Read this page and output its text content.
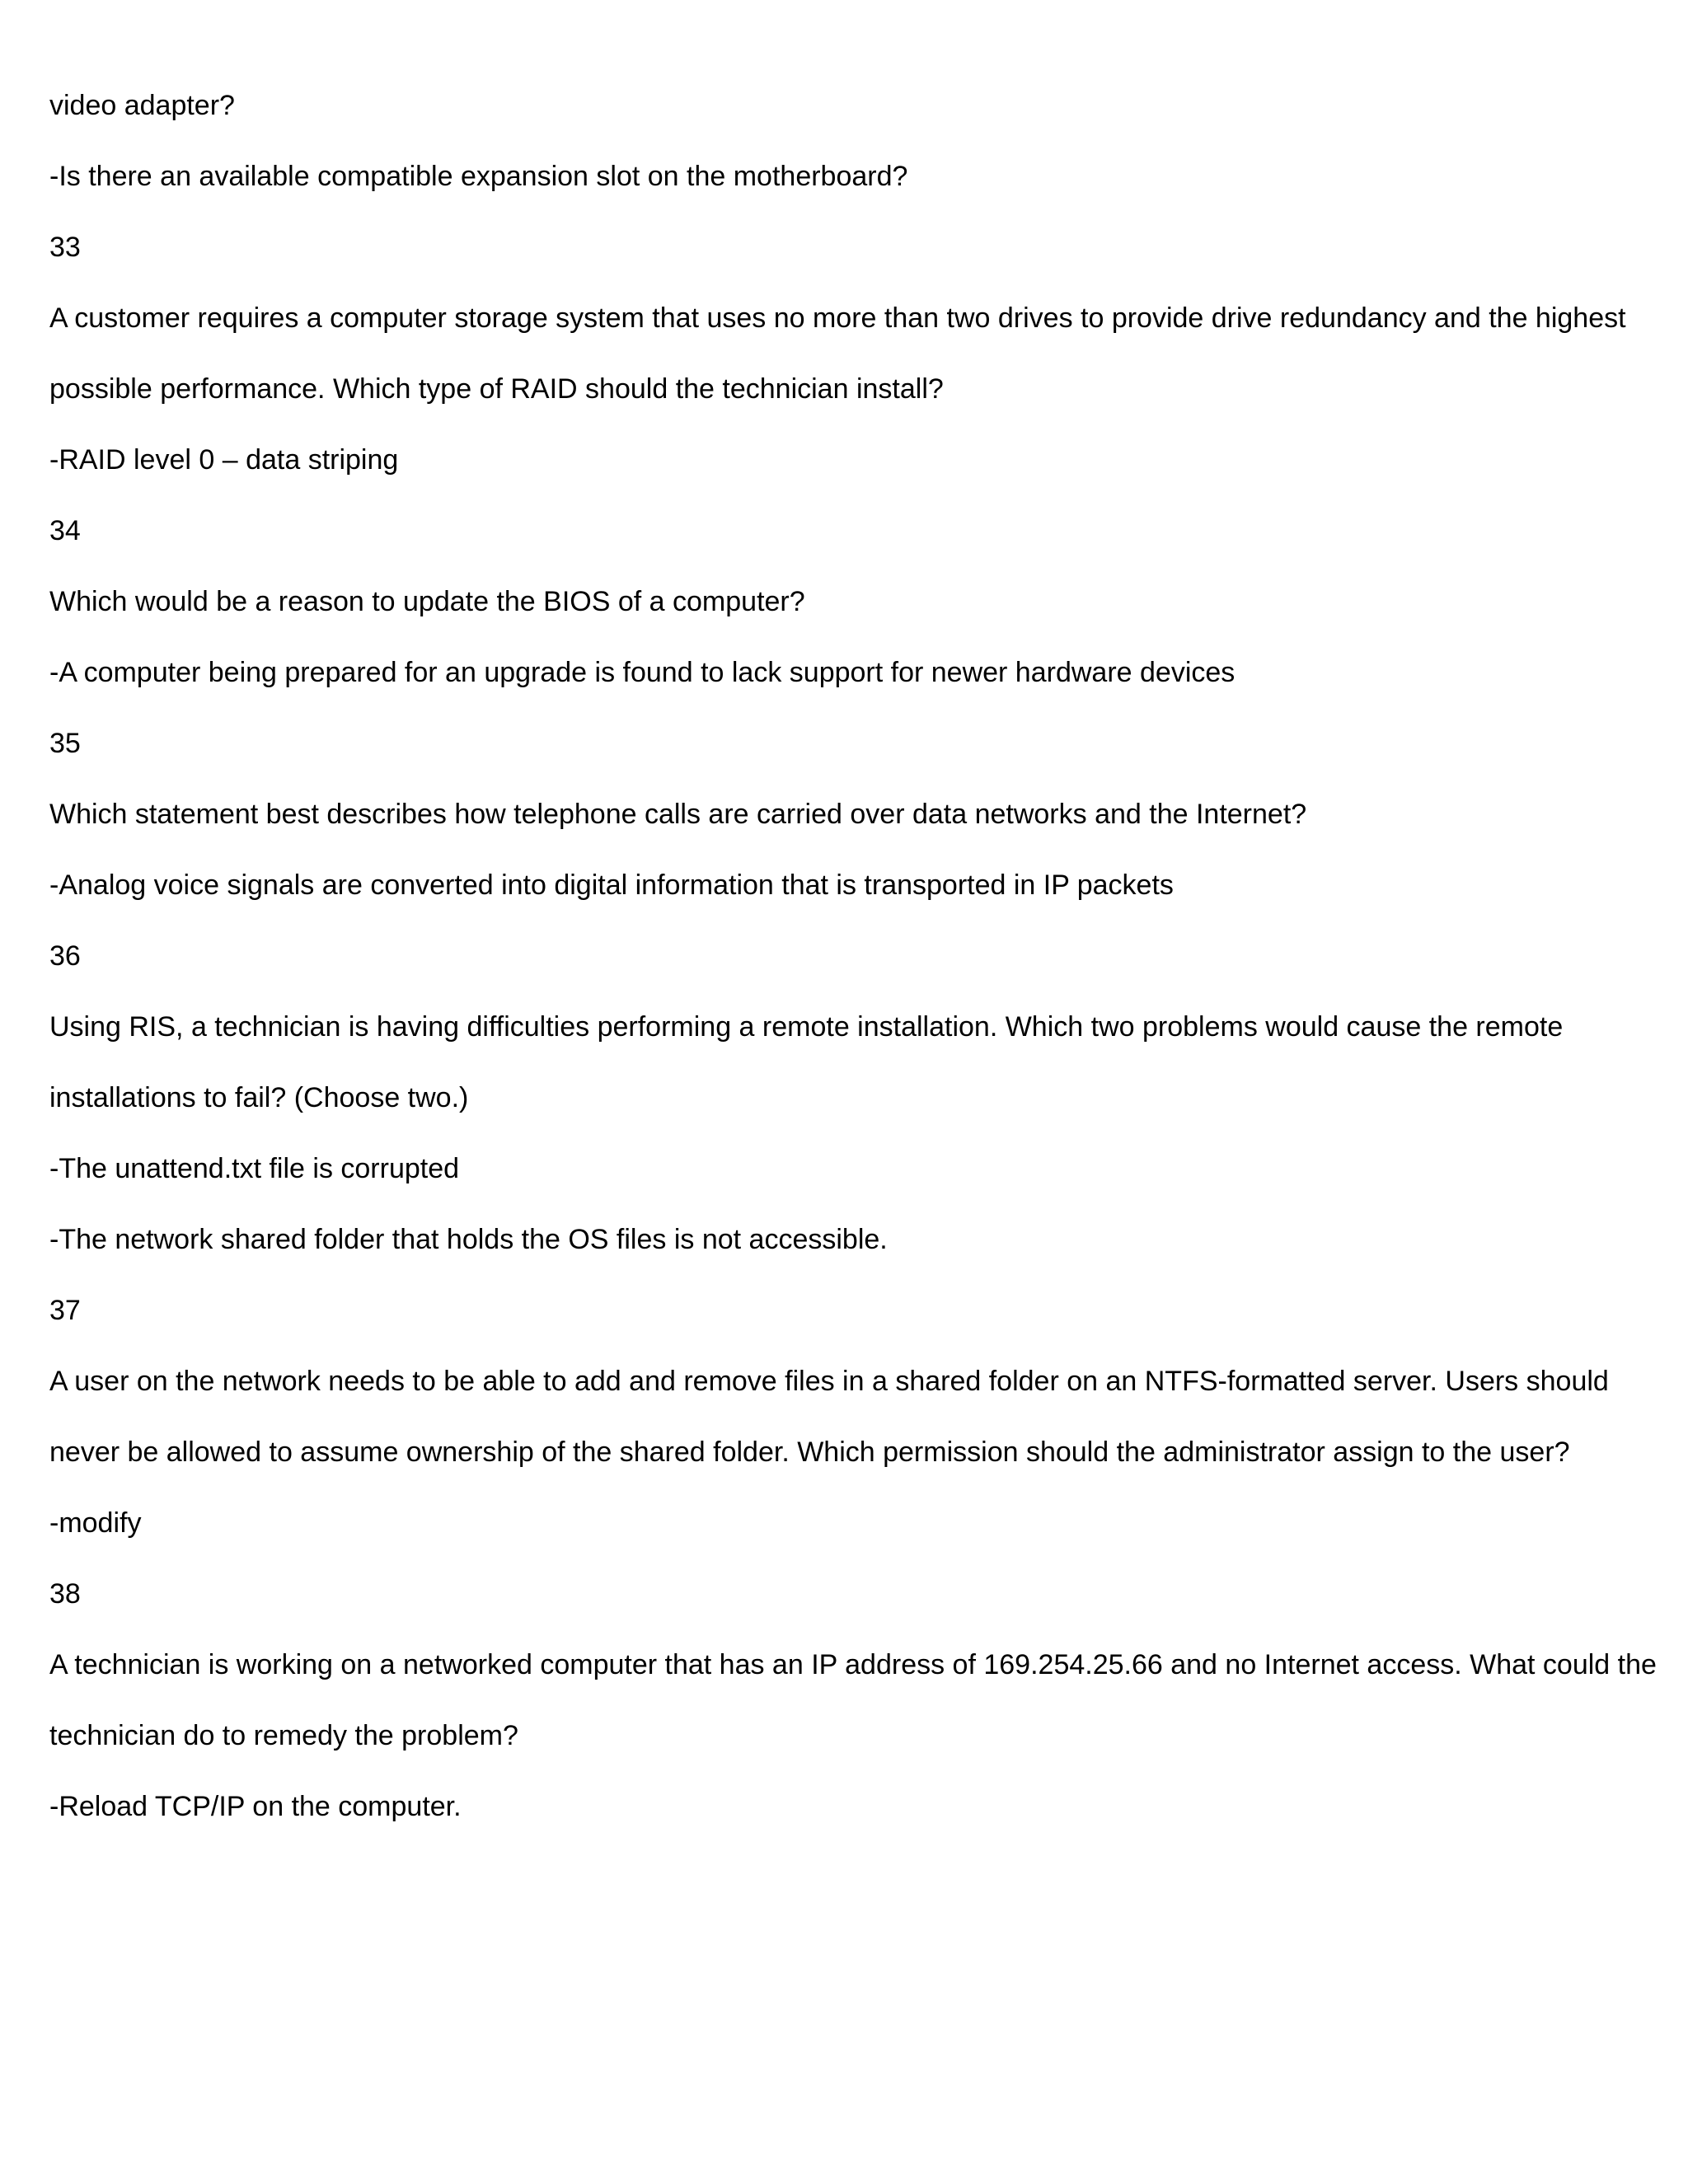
video adapter?
-Is there an available compatible expansion slot on the motherboard?
33
A customer requires a computer storage system that uses no more than two drives to provide drive redundancy and the highest
possible performance. Which type of RAID should the technician install?
-RAID level 0 – data striping
34
Which would be a reason to update the BIOS of a computer?
-A computer being prepared for an upgrade is found to lack support for newer hardware devices
35
Which statement best describes how telephone calls are carried over data networks and the Internet?
-Analog voice signals are converted into digital information that is transported in IP packets
36
Using RIS, a technician is having difficulties performing a remote installation. Which two problems would cause the remote
installations to fail? (Choose two.)
-The unattend.txt file is corrupted
-The network shared folder that holds the OS files is not accessible.
37
A user on the network needs to be able to add and remove files in a shared folder on an NTFS-formatted server. Users should
never be allowed to assume ownership of the shared folder. Which permission should the administrator assign to the user?
-modify
38
A technician is working on a networked computer that has an IP address of 169.254.25.66 and no Internet access. What could the
technician do to remedy the problem?
-Reload TCP/IP on the computer.
